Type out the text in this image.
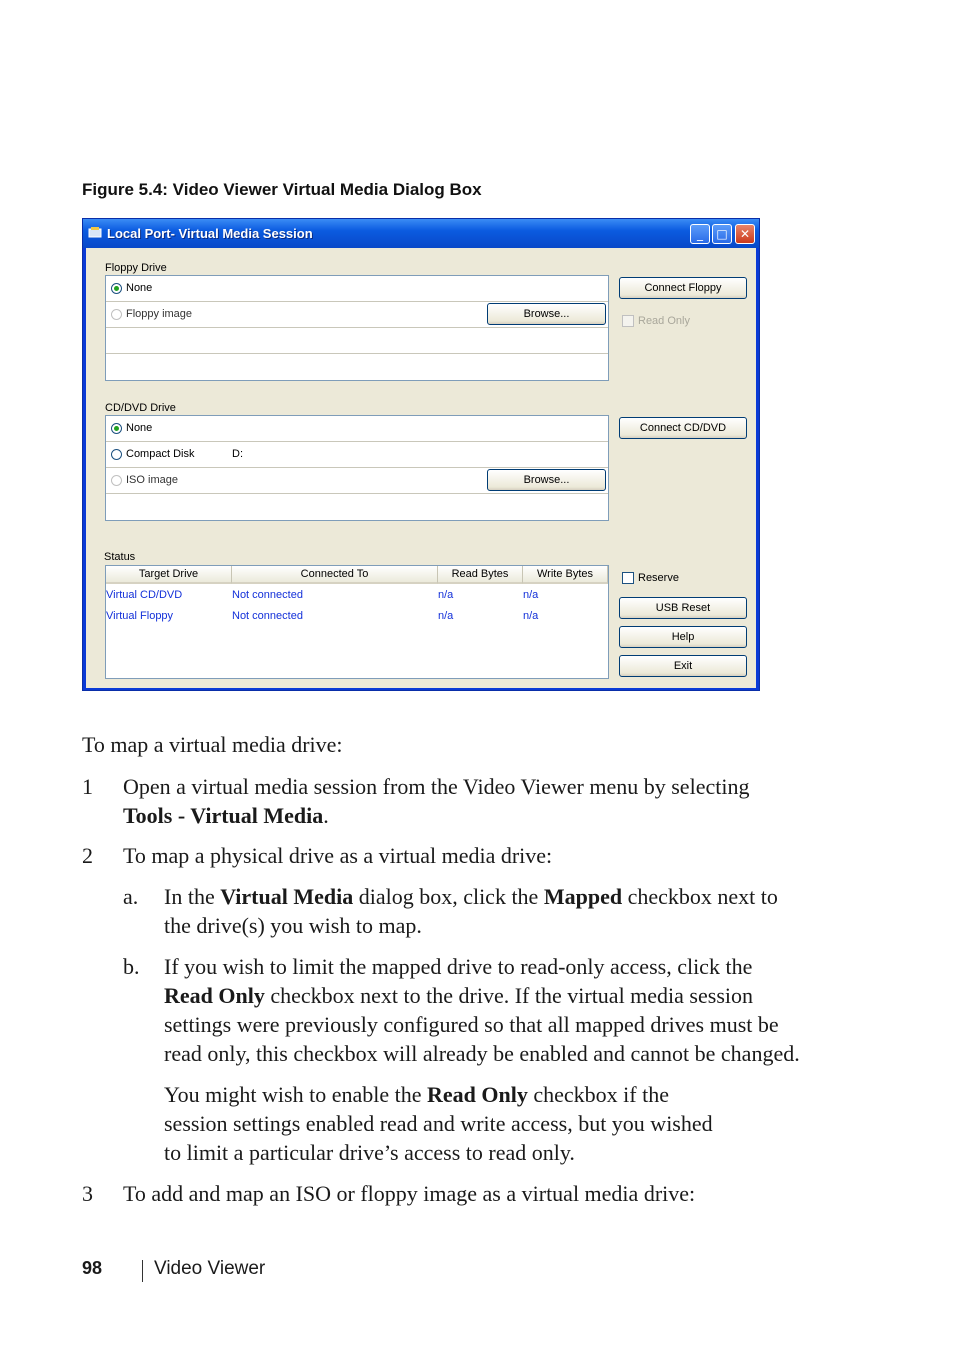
Figure 5.4: Video Viewer Virtual Media Dialog Box
Local Port- Virtual Media Session	_	□	✕
Floppy Drive
None
Floppy image	Browse...
Connect Floppy
Read Only
CD/DVD Drive
None
Compact Disk	D:
ISO image	Browse...
Connect CD/DVD
Status
Target Drive	Connected To	Read Bytes	Write Bytes
Virtual CD/DVD	Not connected	n/a	n/a
Virtual Floppy	Not connected	n/a	n/a
Reserve
USB Reset
Help
Exit
To map a virtual media drive:
1 Open a virtual media session from the Video Viewer menu by selecting
Tools - Virtual Media.
2 To map a physical drive as a virtual media drive:
a. In the Virtual Media dialog box, click the Mapped checkbox next to
the drive(s) you wish to map.
b. If you wish to limit the mapped drive to read-only access, click the
Read Only checkbox next to the drive. If the virtual media session
settings were previously configured so that all mapped drives must be
read only, this checkbox will already be enabled and cannot be changed.
You might wish to enable the Read Only checkbox if the
session settings enabled read and write access, but you wished
to limit a particular drive’s access to read only.
3 To add and map an ISO or floppy image as a virtual media drive:
98	Video Viewer
